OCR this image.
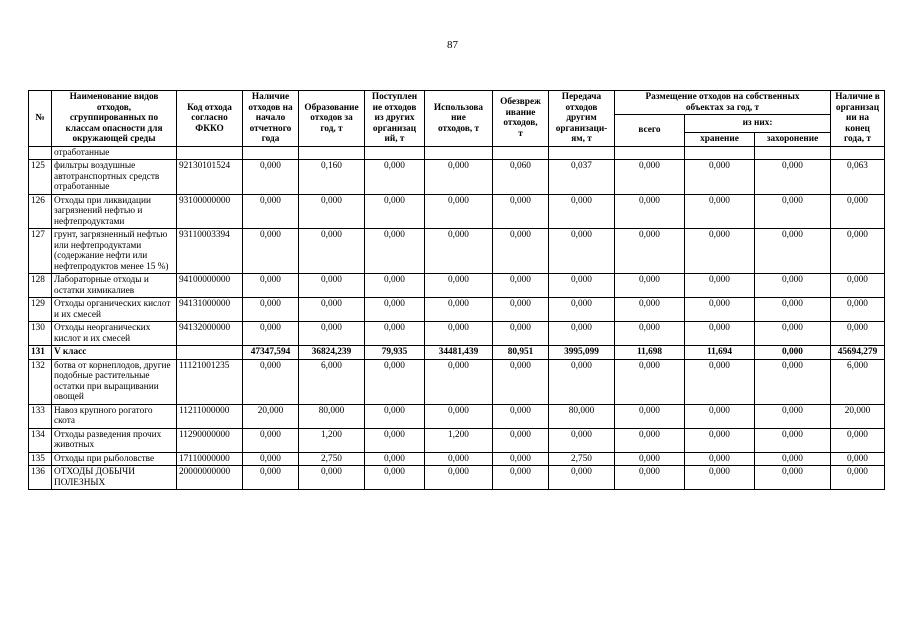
87
№	Наименование видов
отходов,
сгруппированных по
классам опасности для
окружающей среды	Код отхода
согласно
ФККО	Наличие
отходов на
начало
отчетного
года	Образование
отходов за
год, т	Поступлен
ие отходов
из других
организац
ий, т	Использова
ние
отходов, т	Обезвреж
ивание
отходов,
т	Передача
отходов
другим
организаци-
ям, т	Размещение отходов на собственных
объектах за год, т			Наличие в
организац
ии на
конец
года, т
									всего	из них:		
										хранение	захоронение	
	отработанные											
125	фильтры воздушные автотранспортных средств отработанные	92130101524	0,000	0,160	0,000	0,000	0,060	0,037	0,000	0,000	0,000	0,063
126	Отходы при ликвидации загрязнений нефтью и нефтепродуктами	93100000000	0,000	0,000	0,000	0,000	0,000	0,000	0,000	0,000	0,000	0,000
127	грунт, загрязненный нефтью или нефтепродуктами (содержание нефти или нефтепродуктов менее 15 %)	93110003394	0,000	0,000	0,000	0,000	0,000	0,000	0,000	0,000	0,000	0,000
128	Лабораторные отходы и остатки химикалиев	94100000000	0,000	0,000	0,000	0,000	0,000	0,000	0,000	0,000	0,000	0,000
129	Отходы органических кислот и их смесей	94131000000	0,000	0,000	0,000	0,000	0,000	0,000	0,000	0,000	0,000	0,000
130	Отходы неорганических кислот и их смесей	94132000000	0,000	0,000	0,000	0,000	0,000	0,000	0,000	0,000	0,000	0,000
131	V класс		47347,594	36824,239	79,935	34481,439	80,951	3995,099	11,698	11,694	0,000	45694,279
132	ботва от корнеплодов, другие подобные растительные остатки при выращивании овощей	11121001235	0,000	6,000	0,000	0,000	0,000	0,000	0,000	0,000	0,000	6,000
133	Навоз крупного рогатого скота	11211000000	20,000	80,000	0,000	0,000	0,000	80,000	0,000	0,000	0,000	20,000
134	Отходы разведения прочих животных	11290000000	0,000	1,200	0,000	1,200	0,000	0,000	0,000	0,000	0,000	0,000
135	Отходы при рыболовстве	17110000000	0,000	2,750	0,000	0,000	0,000	2,750	0,000	0,000	0,000	0,000
136	ОТХОДЫ ДОБЫЧИ ПОЛЕЗНЫХ	20000000000	0,000	0,000	0,000	0,000	0,000	0,000	0,000	0,000	0,000	0,000
